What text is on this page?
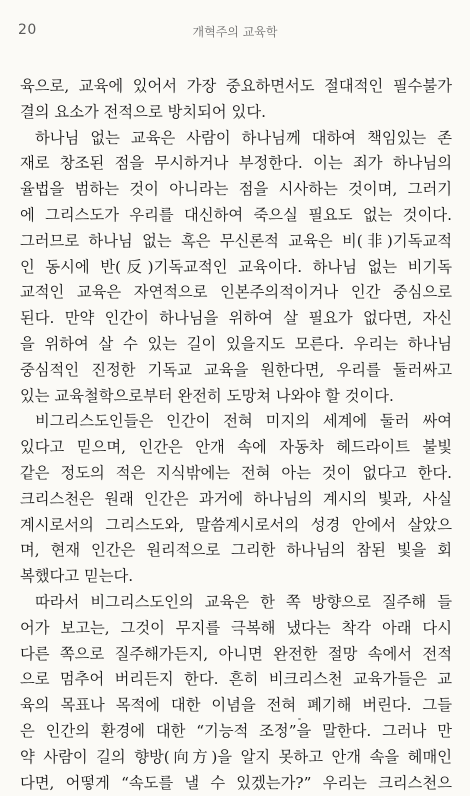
20	개혁주의 교육학
육으로, 교육에 있어서 가장 중요하면서도 절대적인 필수불가
결의 요소가 전적으로 방치되어 있다.
하나님 없는 교육은 사람이 하나님께 대하여 책임있는 존
재로 창조된 점을 무시하거나 부정한다. 이는 죄가 하나님의
율법을 범하는 것이 아니라는 점을 시사하는 것이며, 그러기
에 그리스도가 우리를 대신하여 죽으실 필요도 없는 것이다.
그러므로 하나님 없는 혹은 무신론적 교육은 비(非)기독교적
인 동시에 반(反)기독교적인 교육이다. 하나님 없는 비기독
교적인 교육은 자연적으로 인본주의적이거나 인간 중심으로
된다. 만약 인간이 하나님을 위하여 살 필요가 없다면, 자신
을 위하여 살 수 있는 길이 있을지도 모른다. 우리는 하나님
중심적인 진정한 기독교 교육을 원한다면, 우리를 둘러싸고
있는 교육철학으로부터 완전히 도망쳐 나와야 할 것이다.
비그리스도인들은 인간이 전혀 미지의 세계에 둘러 싸여
있다고 믿으며, 인간은 안개 속에 자동차 헤드라이트 불빛
같은 정도의 적은 지식밖에는 전혀 아는 것이 없다고 한다.
크리스천은 원래 인간은 과거에 하나님의 계시의 빛과, 사실
계시로서의 그리스도와, 말씀계시로서의 성경 안에서 살았으
며, 현재 인간은 원리적으로 그리한 하나님의 참된 빛을 회
복했다고 믿는다.
따라서 비그리스도인의 교육은 한 쪽 방향으로 질주해 들
어가 보고는, 그것이 무지를 극복해 냈다는 착각 아래 다시
다른 쪽으로 질주해가든지, 아니면 완전한 절망 속에서 전적
으로 멈추어 버리든지 한다. 흔히 비크리스천 교육가들은 교
육의 목표나 목적에 대한 이념을 전혀 폐기해 버린다. 그들
은 인간의 환경에 대한 “기능적 조정”을 말한다. 그러나 만
약 사람이 길의 향방(向方)을 알지 못하고 안개 속을 헤매인
다면, 어떻게 “속도를 낼 수 있겠는가?” 우리는 크리스천으
